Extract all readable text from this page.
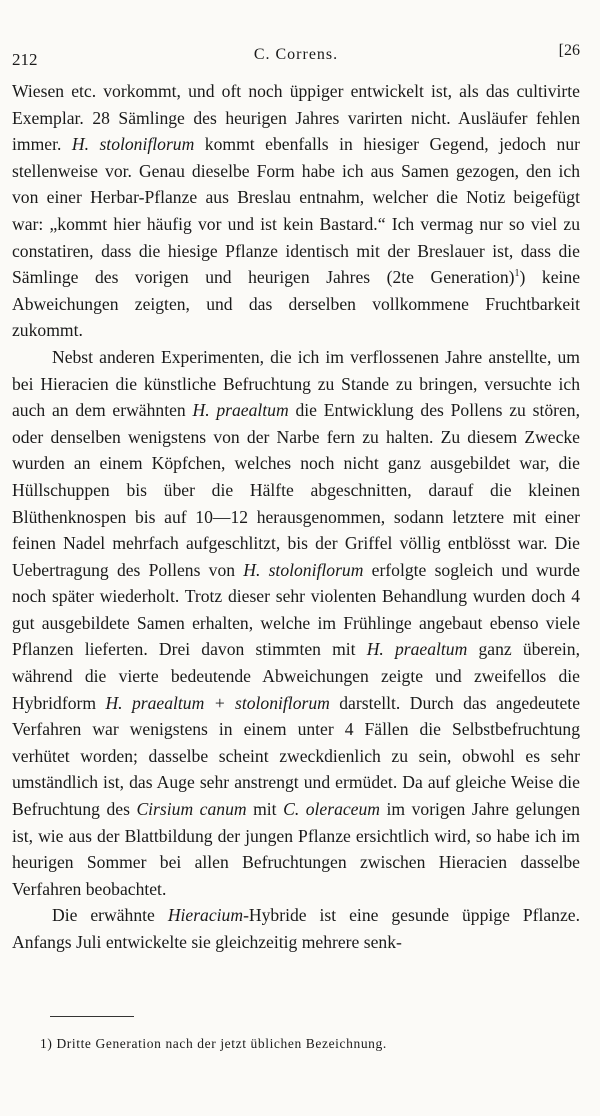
212	C. Correns.	[26

Wiesen etc. vorkommt, und oft noch üppiger entwickelt ist, als das cultivirte Exemplar. 28 Sämlinge des heurigen Jahres varirten nicht. Ausläufer fehlen immer. H. stoloniflorum kommt ebenfalls in hiesiger Gegend, jedoch nur stellenweise vor. Genau dieselbe Form habe ich aus Samen gezogen, den ich von einer Herbar-Pflanze aus Breslau entnahm, welcher die Notiz beigefügt war: „kommt hier häufig vor und ist kein Bastard.“ Ich vermag nur so viel zu constatiren, dass die hiesige Pflanze identisch mit der Breslauer ist, dass die Sämlinge des vorigen und heurigen Jahres (2te Generation)$^1$) keine Abweichungen zeigten, und das derselben vollkommene Fruchtbarkeit zukommt.

Nebst anderen Experimenten, die ich im verflossenen Jahre anstellte, um bei Hieracien die künstliche Befruchtung zu Stande zu bringen, versuchte ich auch an dem erwähnten H. praealtum die Entwicklung des Pollens zu stören, oder denselben wenigstens von der Narbe fern zu halten. Zu diesem Zwecke wurden an einem Köpfchen, welches noch nicht ganz ausgebildet war, die Hüllschuppen bis über die Hälfte abgeschnitten, darauf die kleinen Blüthenknospen bis auf 10—12 herausgenommen, sodann letztere mit einer feinen Nadel mehrfach aufgeschlitzt, bis der Griffel völlig entblösst war. Die Uebertragung des Pollens von H. stoloniflorum erfolgte sogleich und wurde noch später wiederholt. Trotz dieser sehr violenten Behandlung wurden doch 4 gut ausgebildete Samen erhalten, welche im Frühlinge angebaut ebenso viele Pflanzen lieferten. Drei davon stimmten mit H. praealtum ganz überein, während die vierte bedeutende Abweichungen zeigte und zweifellos die Hybridform H. praealtum + stoloniflorum darstellt. Durch das angedeutete Verfahren war wenigstens in einem unter 4 Fällen die Selbstbefruchtung verhütet worden; dasselbe scheint zweckdienlich zu sein, obwohl es sehr umständlich ist, das Auge sehr anstrengt und ermüdet. Da auf gleiche Weise die Befruchtung des Cirsium canum mit C. oleraceum im vorigen Jahre gelungen ist, wie aus der Blattbildung der jungen Pflanze ersichtlich wird, so habe ich im heurigen Sommer bei allen Befruchtungen zwischen Hieracien dasselbe Verfahren beobachtet.

Die erwähnte Hieracium-Hybride ist eine gesunde üppige Pflanze. Anfangs Juli entwickelte sie gleichzeitig mehrere senk-

1) Dritte Generation nach der jetzt üblichen Bezeichnung.
